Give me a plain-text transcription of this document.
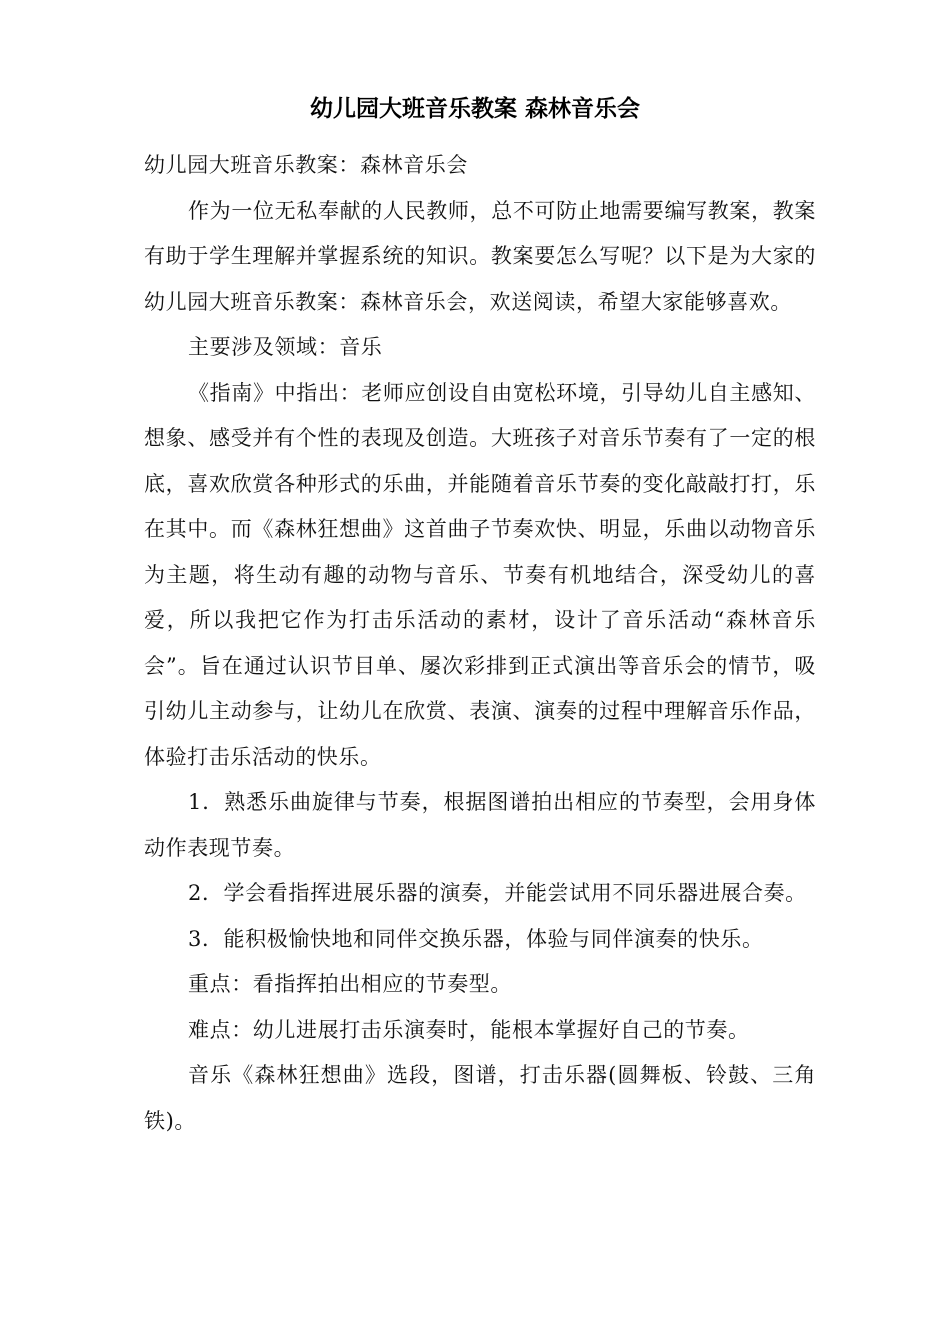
幼儿园大班音乐教案 森林音乐会

幼儿园大班音乐教案：森林音乐会

作为一位无私奉献的人民教师，总不可防止地需要编写教案，教案有助于学生理解并掌握系统的知识。教案要怎么写呢？以下是为大家的幼儿园大班音乐教案：森林音乐会，欢送阅读，希望大家能够喜欢。

主要涉及领域：音乐

《指南》中指出：老师应创设自由宽松环境，引导幼儿自主感知、想象、感受并有个性的表现及创造。大班孩子对音乐节奏有了一定的根底，喜欢欣赏各种形式的乐曲，并能随着音乐节奏的变化敲敲打打，乐在其中。而《森林狂想曲》这首曲子节奏欢快、明显，乐曲以动物音乐为主题，将生动有趣的动物与音乐、节奏有机地结合，深受幼儿的喜爱，所以我把它作为打击乐活动的素材，设计了音乐活动“森林音乐会”。旨在通过认识节目单、屡次彩排到正式演出等音乐会的情节，吸引幼儿主动参与，让幼儿在欣赏、表演、演奏的过程中理解音乐作品，体验打击乐活动的快乐。

1．熟悉乐曲旋律与节奏，根据图谱拍出相应的节奏型，会用身体动作表现节奏。

2．学会看指挥进展乐器的演奏，并能尝试用不同乐器进展合奏。

3．能积极愉快地和同伴交换乐器，体验与同伴演奏的快乐。

重点：看指挥拍出相应的节奏型。

难点：幼儿进展打击乐演奏时，能根本掌握好自己的节奏。

音乐《森林狂想曲》选段，图谱，打击乐器(圆舞板、铃鼓、三角铁)。
